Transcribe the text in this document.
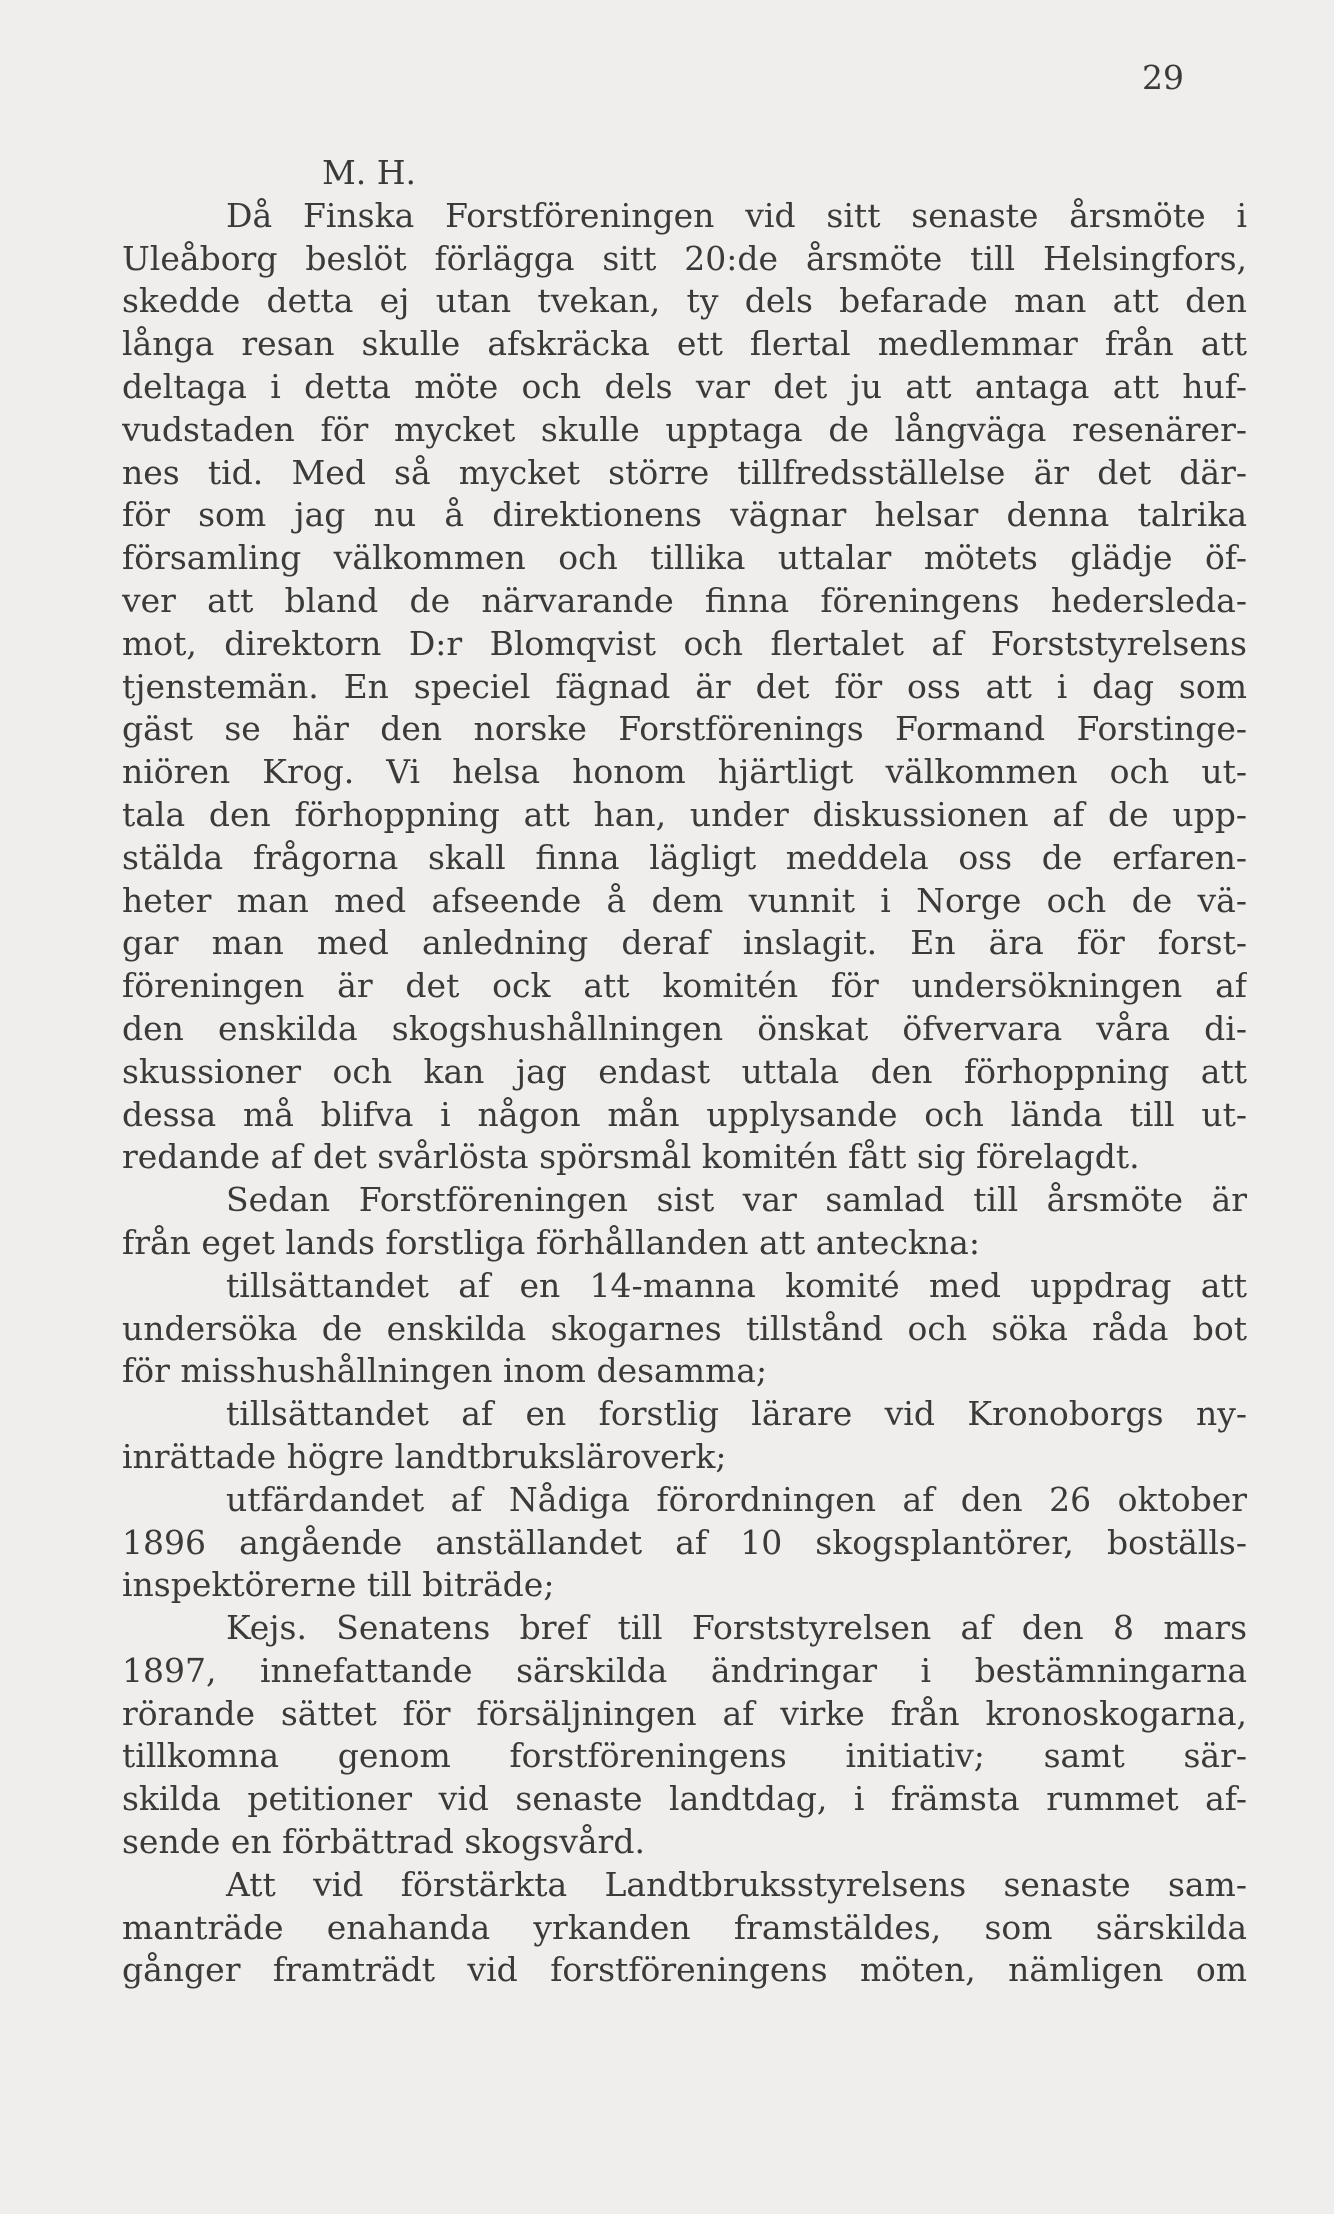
29
M. H.
Då Finska Forstföreningen vid sitt senaste årsmöte i
Uleåborg beslöt förlägga sitt 20:de årsmöte till Helsingfors,
skedde detta ej utan tvekan, ty dels befarade man att den
långa resan skulle afskräcka ett flertal medlemmar från att
deltaga i detta möte och dels var det ju att antaga att huf-
vudstaden för mycket skulle upptaga de långväga resenärer-
nes tid. Med så mycket större tillfredsställelse är det där-
för som jag nu å direktionens vägnar helsar denna talrika
församling välkommen och tillika uttalar mötets glädje öf-
ver att bland de närvarande finna föreningens hedersleda-
mot, direktorn D:r Blomqvist och flertalet af Forststyrelsens
tjenstemän. En speciel fägnad är det för oss att i dag som
gäst se här den norske Forstförenings Formand Forstinge-
niören Krog. Vi helsa honom hjärtligt välkommen och ut-
tala den förhoppning att han, under diskussionen af de upp-
stälda frågorna skall finna lägligt meddela oss de erfaren-
heter man med afseende å dem vunnit i Norge och de vä-
gar man med anledning deraf inslagit. En ära för forst-
föreningen är det ock att komitén för undersökningen af
den enskilda skogshushållningen önskat öfvervara våra di-
skussioner och kan jag endast uttala den förhoppning att
dessa må blifva i någon mån upplysande och lända till ut-
redande af det svårlösta spörsmål komitén fått sig förelagdt.
Sedan Forstföreningen sist var samlad till årsmöte är
från eget lands forstliga förhållanden att anteckna:
tillsättandet af en 14-manna komité med uppdrag att
undersöka de enskilda skogarnes tillstånd och söka råda bot
för misshushållningen inom desamma;
tillsättandet af en forstlig lärare vid Kronoborgs ny-
inrättade högre landtbruksläroverk;
utfärdandet af Nådiga förordningen af den 26 oktober
1896 angående anställandet af 10 skogsplantörer, boställs-
inspektörerne till biträde;
Kejs. Senatens bref till Forststyrelsen af den 8 mars
1897, innefattande särskilda ändringar i bestämningarna
rörande sättet för försäljningen af virke från kronoskogarna,
tillkomna genom forstföreningens initiativ; samt sär-
skilda petitioner vid senaste landtdag, i främsta rummet af-
sende en förbättrad skogsvård.
Att vid förstärkta Landtbruksstyrelsens senaste sam-
manträde enahanda yrkanden framstäldes, som särskilda
gånger framträdt vid forstföreningens möten, nämligen om
